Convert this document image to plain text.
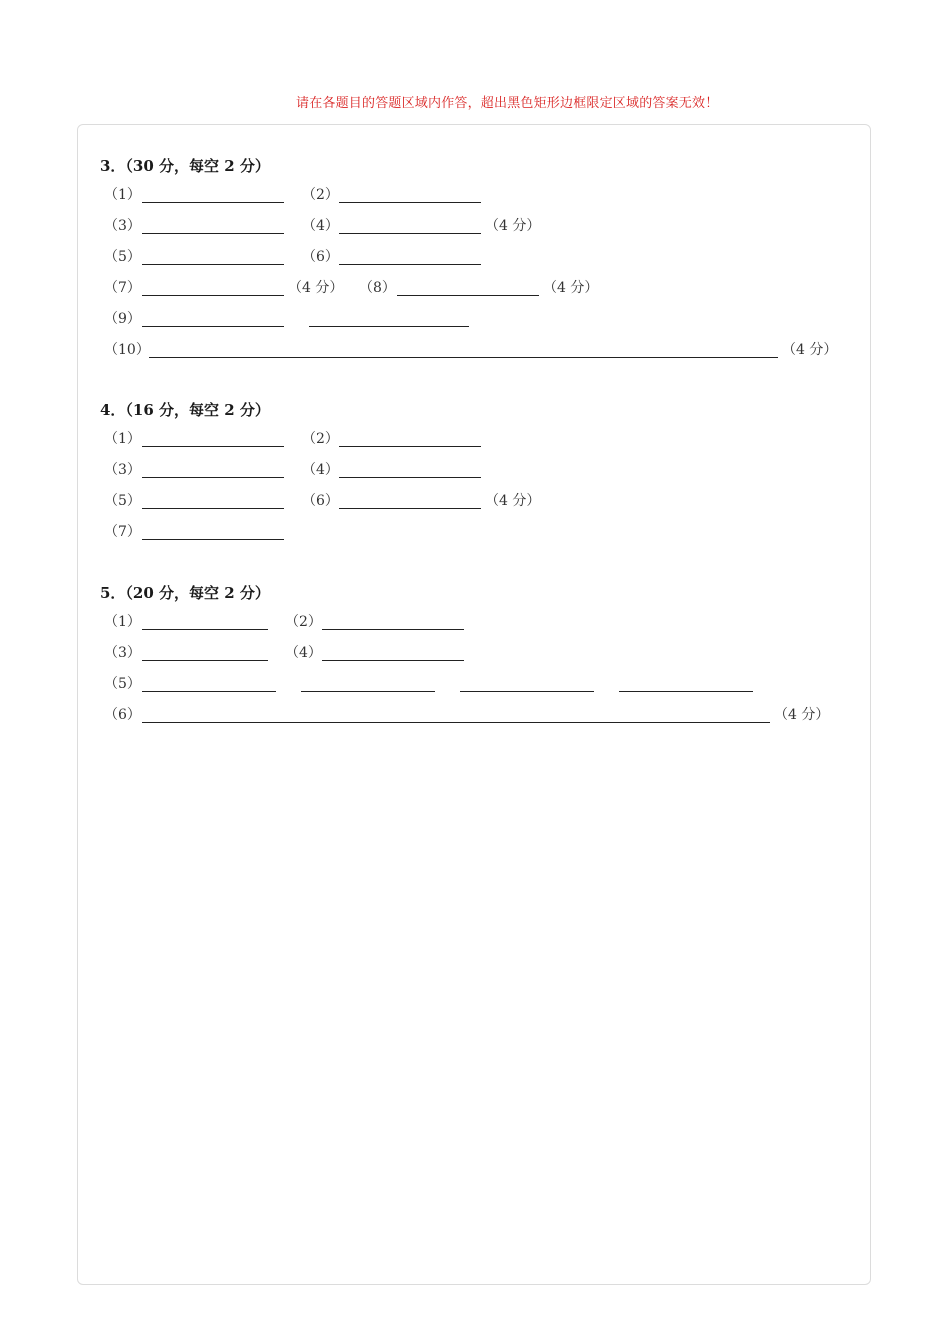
请在各题目的答题区域内作答，超出黑色矩形边框限定区域的答案无效！
3．（30 分，每空 2 分）
（1）	（2）
（3）	（4）	（4 分）
（5）	（6）
（7）	（4 分） （8）	（4 分）
（9）
（10）	（4 分）
4．（16 分，每空 2 分）
（1）	（2）
（3）	（4）
（5）	（6）	（4 分）
（7）
5．（20 分，每空 2 分）
（1）	（2）
（3）	（4）
（5）
（6）	（4 分）
